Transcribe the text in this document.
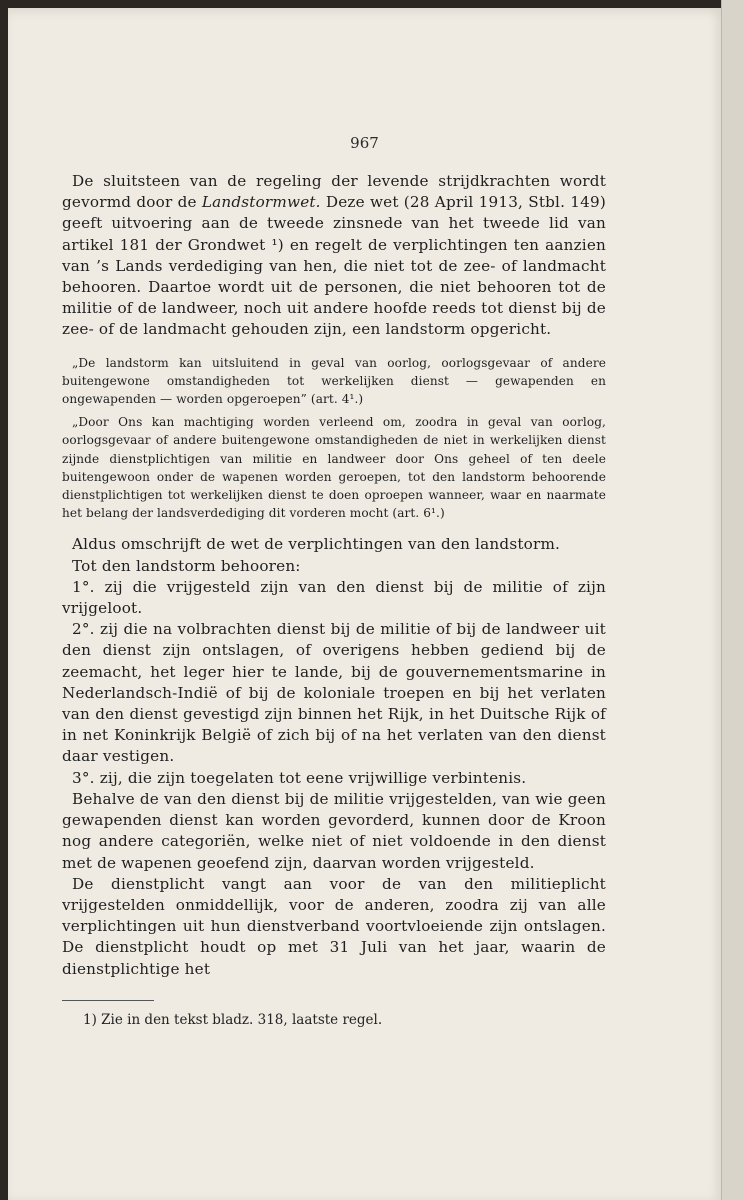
967

De sluitsteen van de regeling der levende strijdkrachten wordt gevormd door de Landstormwet. Deze wet (28 April 1913, Stbl. 149) geeft uitvoering aan de tweede zinsnede van het tweede lid van artikel 181 der Grondwet ¹) en regelt de verplichtingen ten aanzien van ’s Lands verdediging van hen, die niet tot de zee- of landmacht behooren. Daartoe wordt uit de personen, die niet behooren tot de militie of de landweer, noch uit andere hoofde reeds tot dienst bij de zee- of de landmacht gehouden zijn, een landstorm opgericht.

„De landstorm kan uitsluitend in geval van oorlog, oorlogsgevaar of andere buitengewone omstandigheden tot werkelijken dienst — gewapenden en ongewapenden — worden opgeroepen” (art. 4¹.)

„Door Ons kan machtiging worden verleend om, zoodra in geval van oorlog, oorlogsgevaar of andere buitengewone omstandigheden de niet in werkelijken dienst zijnde dienstplichtigen van militie en landweer door Ons geheel of ten deele buitengewoon onder de wapenen worden geroepen, tot den landstorm behoorende dienstplichtigen tot werkelijken dienst te doen oproepen wanneer, waar en naarmate het belang der landsverdediging dit vorderen mocht (art. 6¹.)

Aldus omschrijft de wet de verplichtingen van den landstorm.

Tot den landstorm behooren:

1°. zij die vrijgesteld zijn van den dienst bij de militie of zijn vrijgeloot.

2°. zij die na volbrachten dienst bij de militie of bij de landweer uit den dienst zijn ontslagen, of overigens hebben gediend bij de zeemacht, het leger hier te lande, bij de gouvernementsmarine in Nederlandsch-Indië of bij de koloniale troepen en bij het verlaten van den dienst gevestigd zijn binnen het Rijk, in het Duitsche Rijk of in net Koninkrijk België of zich bij of na het verlaten van den dienst daar vestigen.

3°. zij, die zijn toegelaten tot eene vrijwillige verbintenis.

Behalve de van den dienst bij de militie vrijgestelden, van wie geen gewapenden dienst kan worden gevorderd, kunnen door de Kroon nog andere categoriën, welke niet of niet voldoende in den dienst met de wapenen geoefend zijn, daarvan worden vrijgesteld.

De dienstplicht vangt aan voor de van den militieplicht vrijgestelden onmiddellijk, voor de anderen, zoodra zij van alle verplichtingen uit hun dienstverband voortvloeiende zijn ontslagen. De dienstplicht houdt op met 31 Juli van het jaar, waarin de dienstplichtige het

1) Zie in den tekst bladz. 318, laatste regel.
